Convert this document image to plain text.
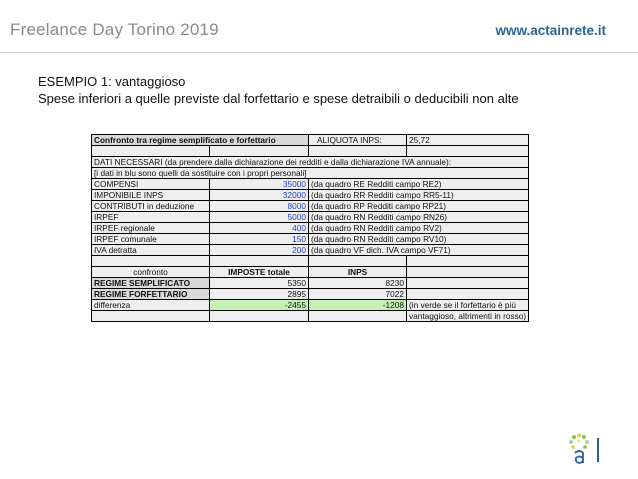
Freelance Day Torino 2019	www.actainrete.it
ESEMPIO 1: vantaggioso
Spese inferiori a quelle previste dal forfettario e spese detraibili o deducibili non alte
Confronto tra regime semplificato e forfettario		ALIQUOTA INPS:	25,72

DATI NECESSARI (da prendere dalla dichiarazione dei redditi e dalla dichiarazione IVA annuale):			
[i dati in blu sono quelli da sostituire con i propri personali]			
COMPENSI	35000	(da quadro RE Redditi campo RE2)	
IMPONIBILE INPS	32000	(da quadro RR Redditi campo RR5-11)	
CONTRIBUTI in deduzione	8000	(da quadro RP Redditi campo RP21)	
IRPEF	5000	(da quadro RN Redditi campo RN26)	
IRPEF regionale	400	(da quadro RN Redditi campo RV2)	
IRPEF comunale	150	(da quadro RN Redditi campo RV10)	
IVA detratta	200	(da quadro VF dich. IVA campo VF71)	

confronto	IMPOSTE totale	INPS	
REGIME SEMPLIFICATO	5350	8230	
REGIME FORFETTARIO	2895	7022	
differenza	-2455	-1208	(in verde se il forfettario è più
			vantaggioso, altrimenti in rosso)
